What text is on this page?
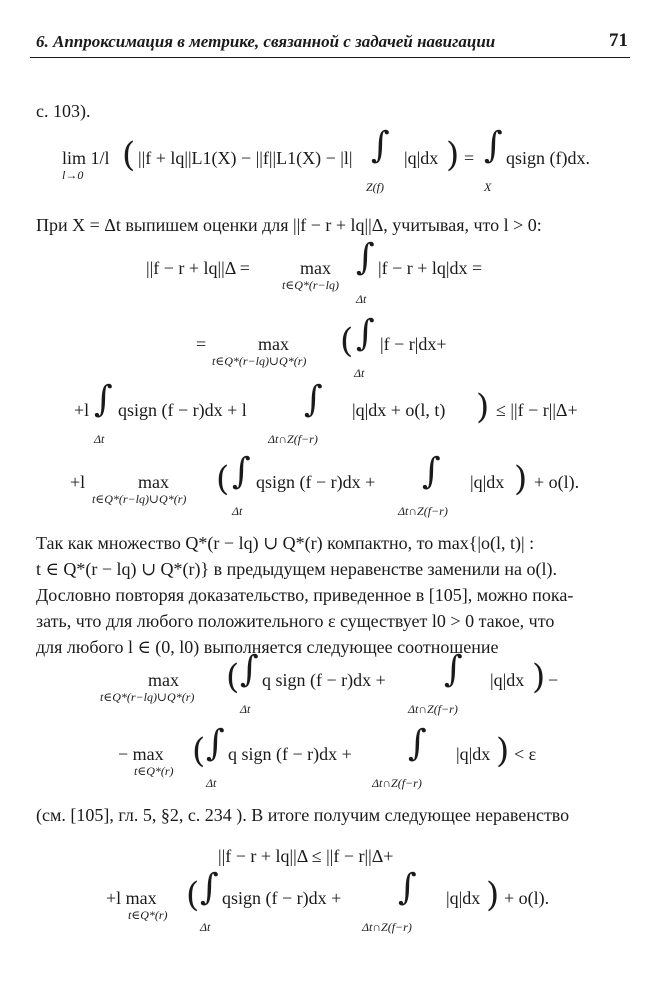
6. Аппроксимация в метрике, связанной с задачей навигации	71
с. 103).
lim 1/l
l→0 ( ||f + lq||L1(X) − ||f||L1(X) − |l| ∫
Z(f)
|q|dx ) = ∫
X
qsign (f)dx.
При X = Δt выпишем оценки для ||f − r + lq||Δ, учитывая, что l > 0:
||f − r + lq||Δ =	max
t∈Q*(r−lq)
∫
Δt
|f − r + lq|dx =
=	max
t∈Q*(r−lq)∪Q*(r) ( ∫
Δt
|f − r|dx+
+l ∫
Δt
qsign (f − r)dx + l ∫
Δt∩Z(f−r)
|q|dx + o(l, t) ) ≤ ||f − r||Δ+
+l	max
t∈Q*(r−lq)∪Q*(r) ( ∫
Δt
qsign (f − r)dx + ∫
Δt∩Z(f−r)
|q|dx ) + o(l).
Так как множество Q*(r − lq) ∪ Q*(r) компактно, то max{|o(l, t)| :
t ∈ Q*(r − lq) ∪ Q*(r)} в предыдущем неравенстве заменили на o(l).
Дословно повторяя доказательство, приведенное в [105], можно пока-
зать, что для любого положительного ε существует l0 > 0 такое, что
для любого l ∈ (0, l0) выполняется следующее соотношение
max
t∈Q*(r−lq)∪Q*(r) ( ∫
Δt
q sign (f − r)dx + ∫
Δt∩Z(f−r)
|q|dx ) −
− max
t∈Q*(r) ( ∫
Δt
q sign (f − r)dx + ∫
Δt∩Z(f−r)
|q|dx ) < ε
(см. [105], гл. 5, §2, с. 234 ). В итоге получим следующее неравенство
||f − r + lq||Δ ≤ ||f − r||Δ+
+l max
t∈Q*(r) ( ∫
Δt
qsign (f − r)dx + ∫
Δt∩Z(f−r)
|q|dx ) + o(l).
